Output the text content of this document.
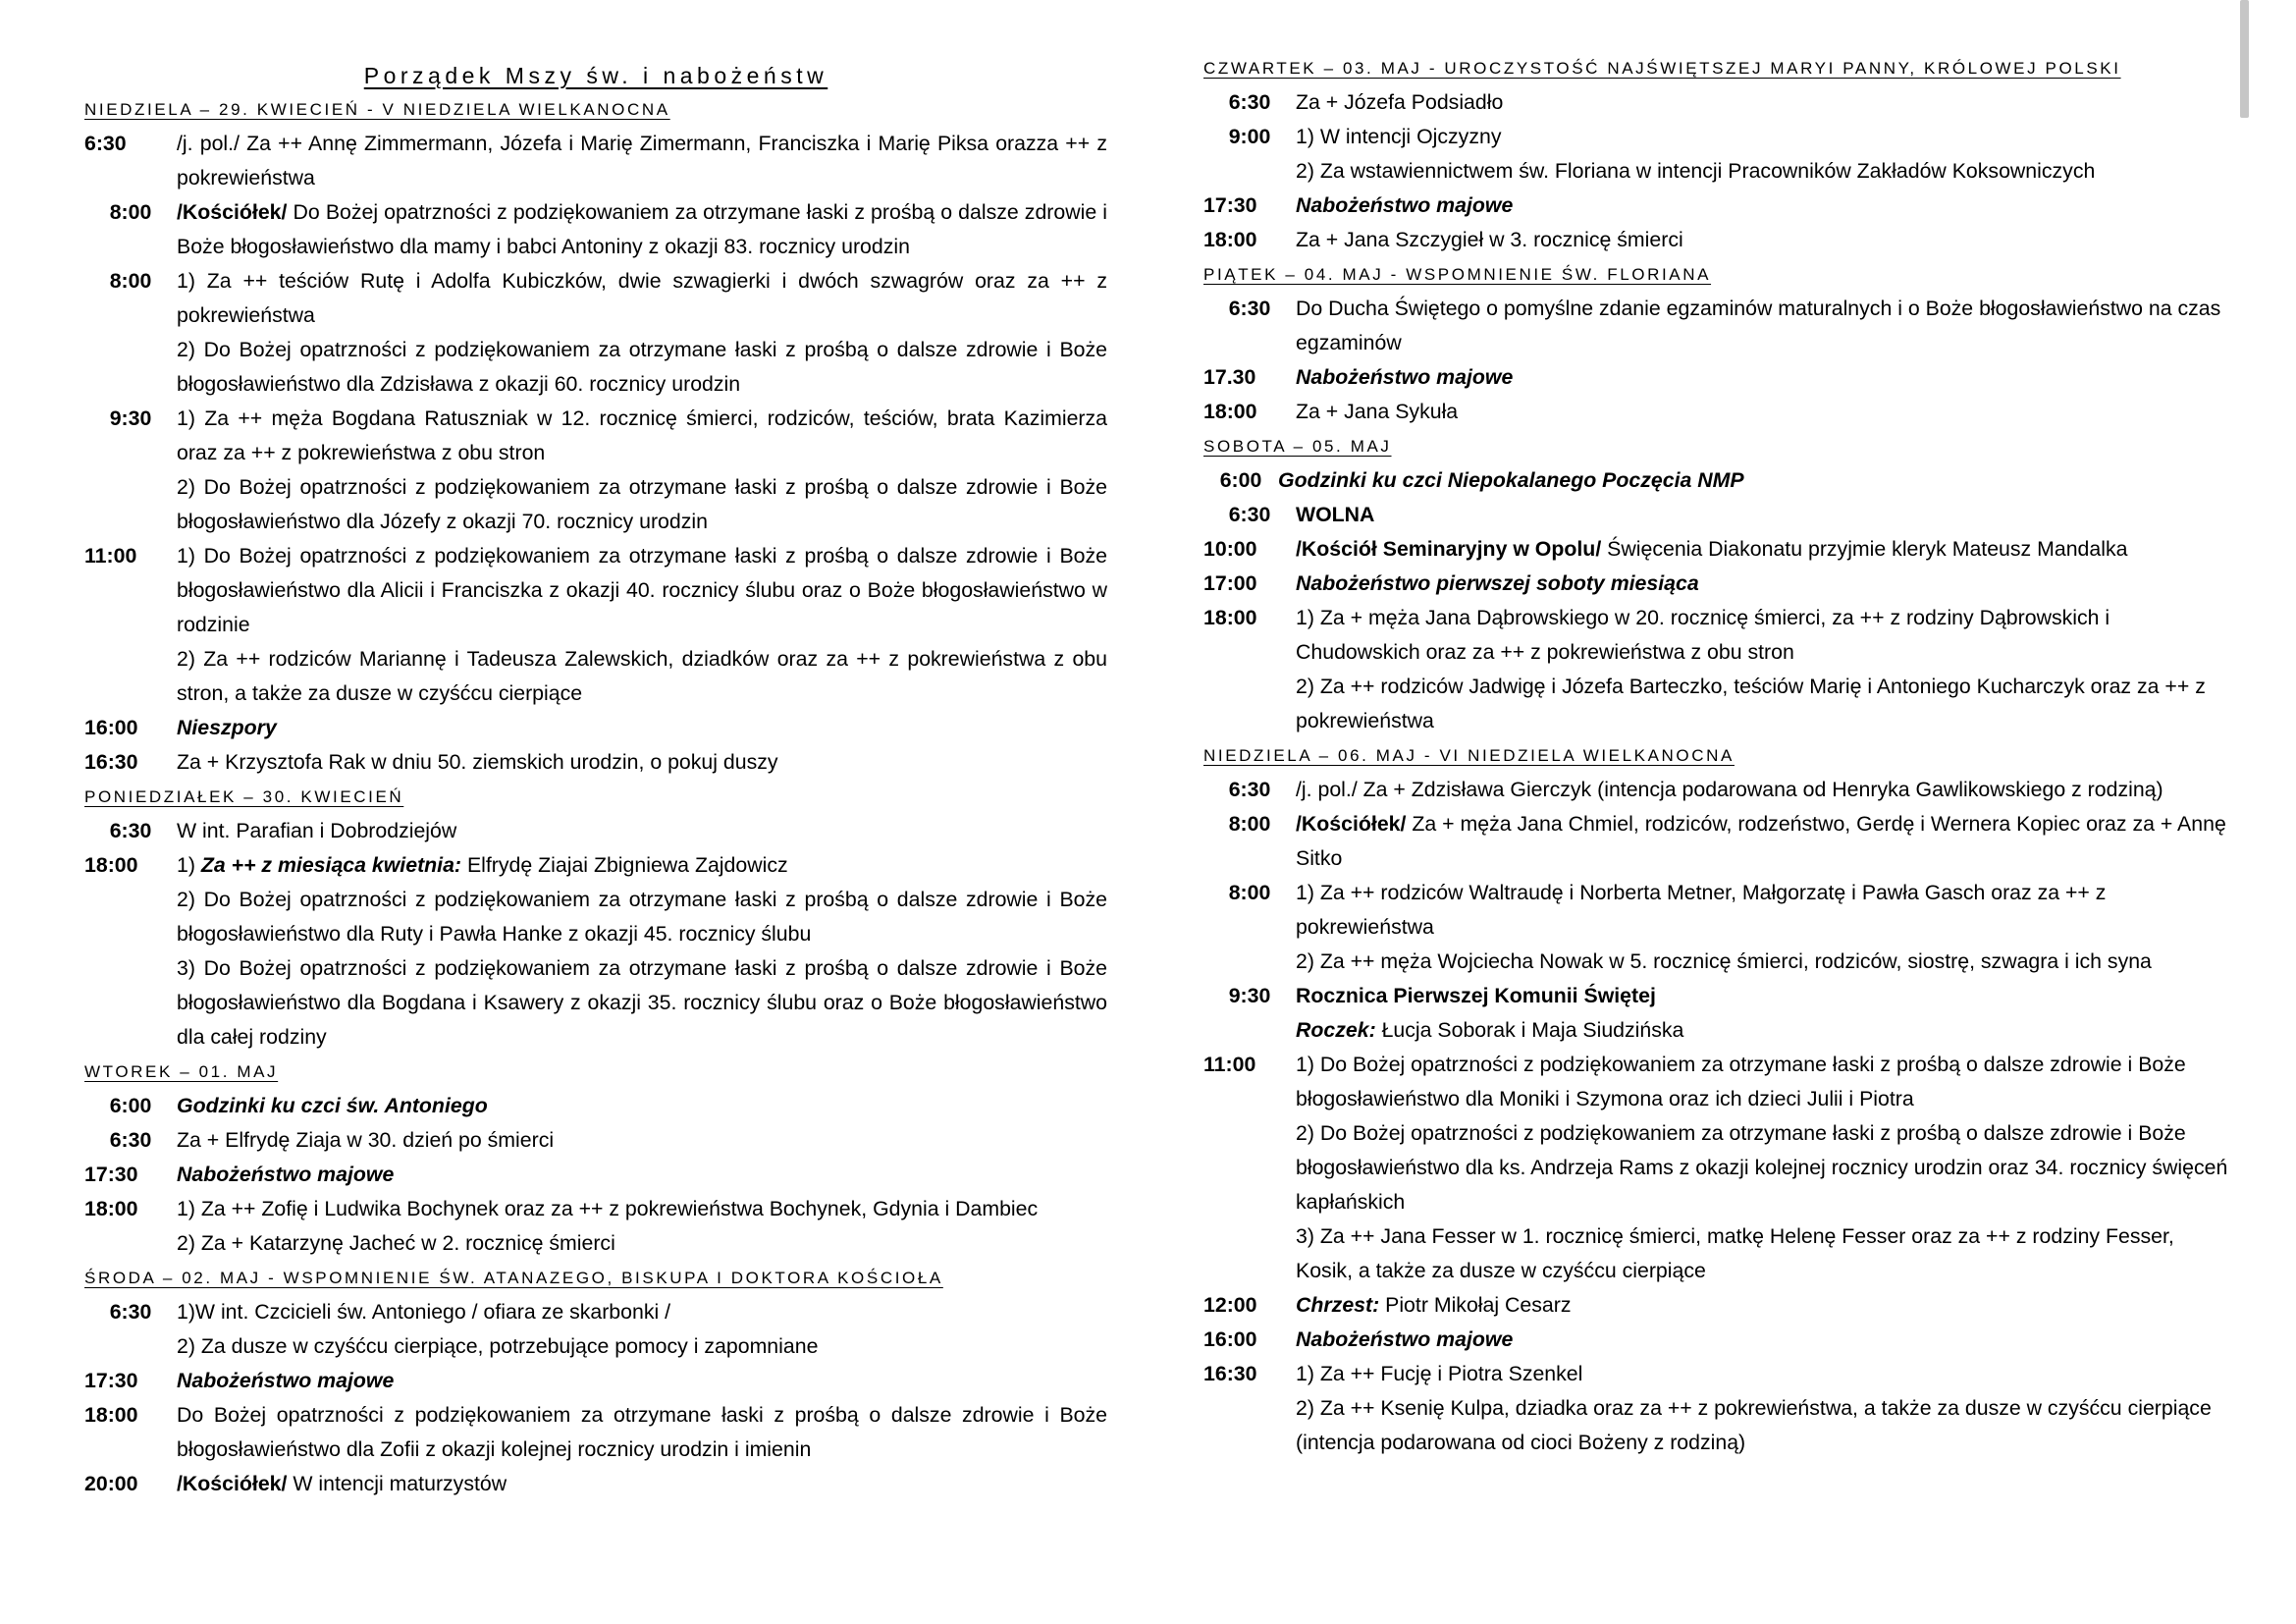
Porządek Mszy św. i nabożeństw
NIEDZIELA – 29. KWIECIEŃ - V NIEDZIELA WIELKANOCNA
6:30	/j. pol./ Za ++ Annę Zimmermann, Józefa i Marię Zimermann, Franciszka i Marię Piksa orazza ++ z pokrewieństwa
8:00	/Kościółek/ Do Bożej opatrzności z podziękowaniem za otrzymane łaski z prośbą o dalsze zdrowie i Boże błogosławieństwo dla mamy i babci Antoniny z okazji 83. rocznicy urodzin
8:00	1) Za ++ teściów Rutę i Adolfa Kubiczków, dwie szwagierki i dwóch szwagrów oraz za ++ z pokrewieństwa
2) Do Bożej opatrzności z podziękowaniem za otrzymane łaski z prośbą o dalsze zdrowie i Boże błogosławieństwo dla Zdzisława z okazji 60. rocznicy urodzin
9:30	1) Za ++ męża Bogdana Ratuszniak w 12. rocznicę śmierci, rodziców, teściów, brata Kazimierza oraz za ++ z pokrewieństwa z obu stron
2) Do Bożej opatrzności z podziękowaniem za otrzymane łaski z prośbą o dalsze zdrowie i Boże błogosławieństwo dla Józefy z okazji 70. rocznicy urodzin
11:00	1) Do Bożej opatrzności z podziękowaniem za otrzymane łaski z prośbą o dalsze zdrowie i Boże błogosławieństwo dla Alicii i Franciszka z okazji 40. rocznicy ślubu oraz o Boże błogosławieństwo w rodzinie
2) Za ++ rodziców Mariannę i Tadeusza Zalewskich, dziadków oraz za ++ z pokrewieństwa z obu stron, a także za dusze w czyśćcu cierpiące
16:00	Nieszpory
16:30	Za + Krzysztofa Rak w dniu 50. ziemskich urodzin, o pokuj duszy
PONIEDZIAŁEK – 30. KWIECIEŃ
6:30	W int. Parafian i Dobrodziejów
18:00	1) Za ++ z miesiąca kwietnia: Elfrydę Ziajai Zbigniewa Zajdowicz
2) Do Bożej opatrzności z podziękowaniem za otrzymane łaski z prośbą o dalsze zdrowie i Boże błogosławieństwo dla Ruty i Pawła Hanke z okazji 45. rocznicy ślubu
3) Do Bożej opatrzności z podziękowaniem za otrzymane łaski z prośbą o dalsze zdrowie i Boże błogosławieństwo dla Bogdana i Ksawery z okazji 35. rocznicy ślubu oraz o Boże błogosławieństwo dla całej rodziny
WTOREK – 01. MAJ
6:00	Godzinki ku czci św. Antoniego
6:30	Za + Elfrydę Ziaja w 30. dzień po śmierci
17:30	Nabożeństwo majowe
18:00	1) Za ++ Zofię i Ludwika Bochynek oraz za ++ z pokrewieństwa Bochynek, Gdynia i Dambiec
2) Za + Katarzynę Jacheć w 2. rocznicę śmierci
ŚRODA – 02. MAJ - WSPOMNIENIE ŚW. ATANAZEGO, BISKUPA I DOKTORA KOŚCIOŁA
6:30	1)W int. Czcicieli św. Antoniego / ofiara ze skarbonki /
2) Za dusze w czyśćcu cierpiące, potrzebujące pomocy i zapomniane
17:30	Nabożeństwo majowe
18:00	Do Bożej opatrzności z podziękowaniem za otrzymane łaski z prośbą o dalsze zdrowie i Boże błogosławieństwo dla Zofii z okazji kolejnej rocznicy urodzin i imienin
20:00	/Kościółek/ W intencji maturzystów
CZWARTEK – 03. MAJ - UROCZYSTOŚĆ NAJŚWIĘTSZEJ MARYI PANNY, KRÓLOWEJ POLSKI
6:30	Za + Józefa Podsiadło
9:00	1) W intencji Ojczyzny
2) Za wstawiennictwem św. Floriana w intencji Pracowników Zakładów Koksowniczych
17:30	Nabożeństwo majowe
18:00	Za + Jana Szczygieł w 3. rocznicę śmierci
PIĄTEK – 04. MAJ - WSPOMNIENIE ŚW. FLORIANA
6:30	Do Ducha Świętego o pomyślne zdanie egzaminów maturalnych i o Boże błogosławieństwo na czas egzaminów
17.30	Nabożeństwo majowe
18:00	Za + Jana Sykuła
SOBOTA – 05. MAJ
6:00 Godzinki ku czci Niepokalanego Poczęcia NMP
6:30	WOLNA
10:00	/Kościół Seminaryjny w Opolu/ Święcenia Diakonatu przyjmie kleryk Mateusz Mandalka
17:00	Nabożeństwo pierwszej soboty miesiąca
18:00	1) Za + męża Jana Dąbrowskiego w 20. rocznicę śmierci, za ++ z rodziny Dąbrowskich i Chudowskich oraz za ++ z pokrewieństwa z obu stron
2) Za ++ rodziców Jadwigę i Józefa Barteczko, teściów Marię i Antoniego Kucharczyk oraz za ++ z pokrewieństwa
NIEDZIELA – 06. MAJ - VI NIEDZIELA WIELKANOCNA
6:30	/j. pol./ Za + Zdzisława Gierczyk (intencja podarowana od Henryka Gawlikowskiego z rodziną)
8:00	/Kościółek/ Za + męża Jana Chmiel, rodziców, rodzeństwo, Gerdę i Wernera Kopiec oraz za + Annę Sitko
8:00	1) Za ++ rodziców Waltraudę i Norberta Metner, Małgorzatę i Pawła Gasch oraz za ++ z pokrewieństwa
2) Za ++ męża Wojciecha Nowak w 5. rocznicę śmierci, rodziców, siostrę, szwagra i ich syna
9:30	Rocznica Pierwszej Komunii Świętej
Roczek: Łucja Soborak i Maja Siudzińska
11:00	1) Do Bożej opatrzności z podziękowaniem za otrzymane łaski z prośbą o dalsze zdrowie i Boże błogosławieństwo dla Moniki i Szymona oraz ich dzieci Julii i Piotra
2) Do Bożej opatrzności z podziękowaniem za otrzymane łaski z prośbą o dalsze zdrowie i Boże błogosławieństwo dla ks. Andrzeja Rams z okazji kolejnej rocznicy urodzin oraz 34. rocznicy święceń kapłańskich
3) Za ++ Jana Fesser w 1. rocznicę śmierci, matkę Helenę Fesser oraz za ++ z rodziny Fesser, Kosik, a także za dusze w czyśćcu cierpiące
12:00	Chrzest: Piotr Mikołaj Cesarz
16:00	Nabożeństwo majowe
16:30	1) Za ++ Fucję i Piotra Szenkel
2) Za ++ Ksenię Kulpa, dziadka oraz za ++ z pokrewieństwa, a także za dusze w czyśćcu cierpiące (intencja podarowana od cioci Bożeny z rodziną)
